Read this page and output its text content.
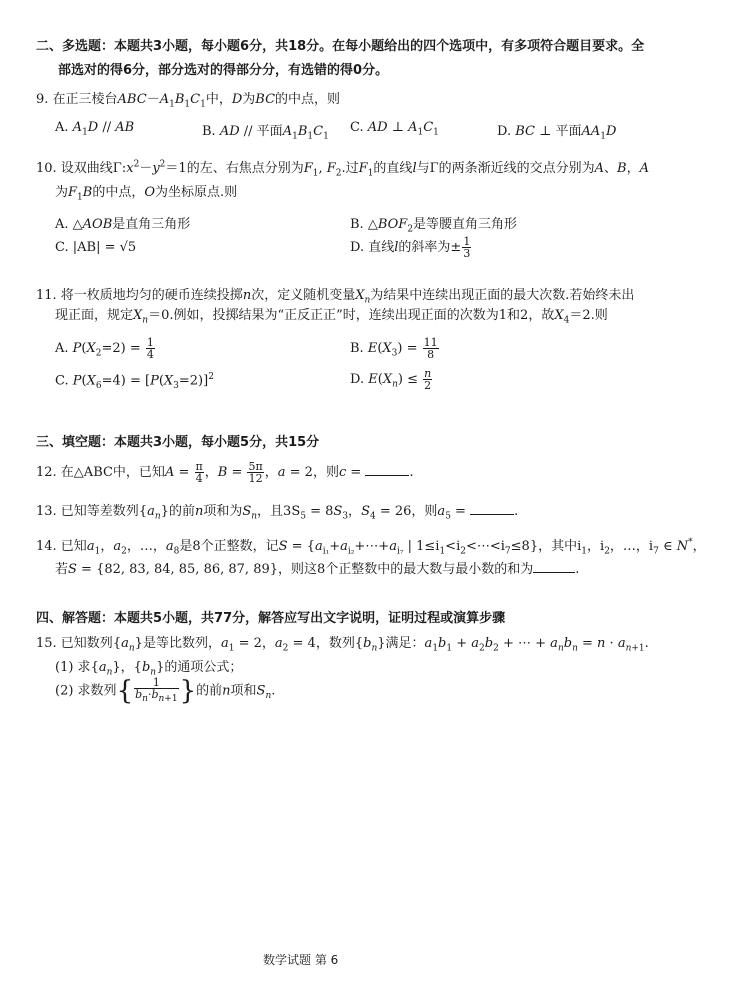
二、多选题：本题共3小题，每小题6分，共18分。在每小题给出的四个选项中，有多项符合题目要求。全
部选对的得6分，部分选对的得部分分，有选错的得0分。
9. 在正三棱台$ABC-A_1B_1C_1$中，D为BC的中点，则
A. $A_1D$ // AB	B. AD // 平面$A_1B_1C_1$
C. AD ⊥ $A_1C_1$	D. BC ⊥ 平面$AA_1D$
10. 设双曲线$\Gamma:x^2-y^2=1$的左、右焦点分别为$F_1$, $F_2$.过$F_1$的直线l与Γ的两条渐近线的交点分别为A、B，A
为$F_1B$的中点，O为坐标原点.则
A. △AOB是直角三角形	B. $\triangle BOF_2$是等腰直角三角形
C. |AB| = √5	D. 直线l的斜率为± $\frac{1}{3}$
11. 将一枚质地均匀的硬币连续投掷n次，定义随机变量$X_n$为结果中连续出现正面的最大次数.若始终未出
现正面，规定$X_n=0$.例如，投掷结果为“正反正正”时，连续出现正面的次数为1和2，故$X_4=2$.则
A. $P(X_2=2) = \frac{1}{4}$	B. $E(X_3) = \frac{11}{8}$
C. $P(X_6=4) = [P(X_3=2)]^2$	D. $E(X_n) \le \frac{n}{2}$
三、填空题：本题共3小题，每小题5分，共15分
12. 在△ABC中，已知$A = \frac{\pi}{4}$ ，$B = \frac{5\pi}{12}$ ，a = 2，则c =	.
13. 已知等差数列$\{a_n\}$的前n项和为$S_n$，且$3S_5 = 8S_3$，$S_4 = 26$，则$a_5$ =	.
14. 已知$a_1$，$a_2$，…，$a_8$是8个正整数，记$S = \{a_{i_1}+a_{i_2}+\cdots+a_{i_7}$ | $1\le i_1<i_2<\cdots<i_7\le 8$}，其中$i_1$，$i_2$，…，$i_7$ ∈ N*，
若S = {82, 83, 84, 85, 86, 87, 89}，则这8个正整数中的最大数与最小数的和为	.
四、解答题：本题共5小题，共77分，解答应写出文字说明，证明过程或演算步骤
15. 已知数列$\{a_n\}$是等比数列，$a_1 = 2$，$a_2 = 4$，数列$\{b_n\}$满足：$a_1b_1 + a_2b_2$ + ⋯ + $a_nb_n = n \cdot a_{n+1}$.
(1) 求$\{a_n\}$，$\{b_n\}$的通项公式；
(2) 求数列{ $\frac{1}{b_n\cdot b_{n+1}}$ }的前n项和$S_n$.
数学试题 第 6
